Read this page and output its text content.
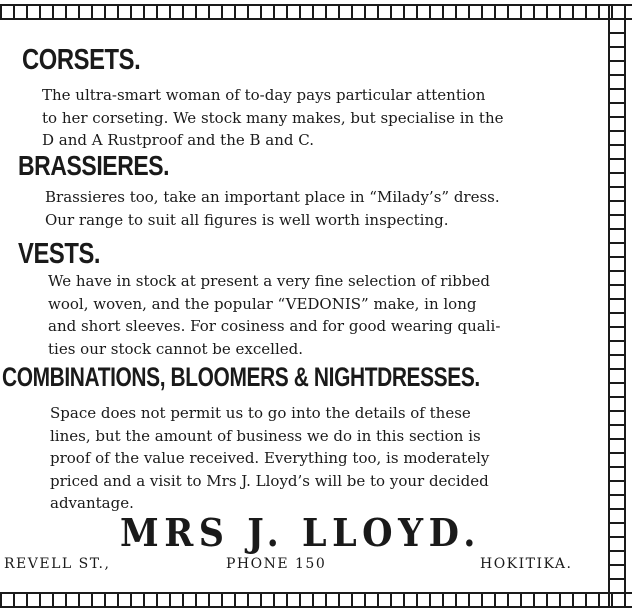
CORSETS.

The ultra-smart woman of to-day pays particular attention
to her corseting. We stock many makes, but specialise in the
D and A Rustproof and the B and C.

BRASSIERES.

Brassieres too, take an important place in “Milady’s” dress.
Our range to suit all figures is well worth inspecting.

VESTS.

We have in stock at present a very fine selection of ribbed
wool, woven, and the popular “VEDONIS” make, in long
and short sleeves. For cosiness and for good wearing quali-
ties our stock cannot be excelled.

COMBINATIONS, BLOOMERS & NIGHTDRESSES.

Space does not permit us to go into the details of these
lines, but the amount of business we do in this section is
proof of the value received. Everything too, is moderately
priced and a visit to Mrs J. Lloyd’s will be to your decided
advantage.

MRS J. LLOYD.
REVELL ST.,	PHONE 150	HOKITIKA.
